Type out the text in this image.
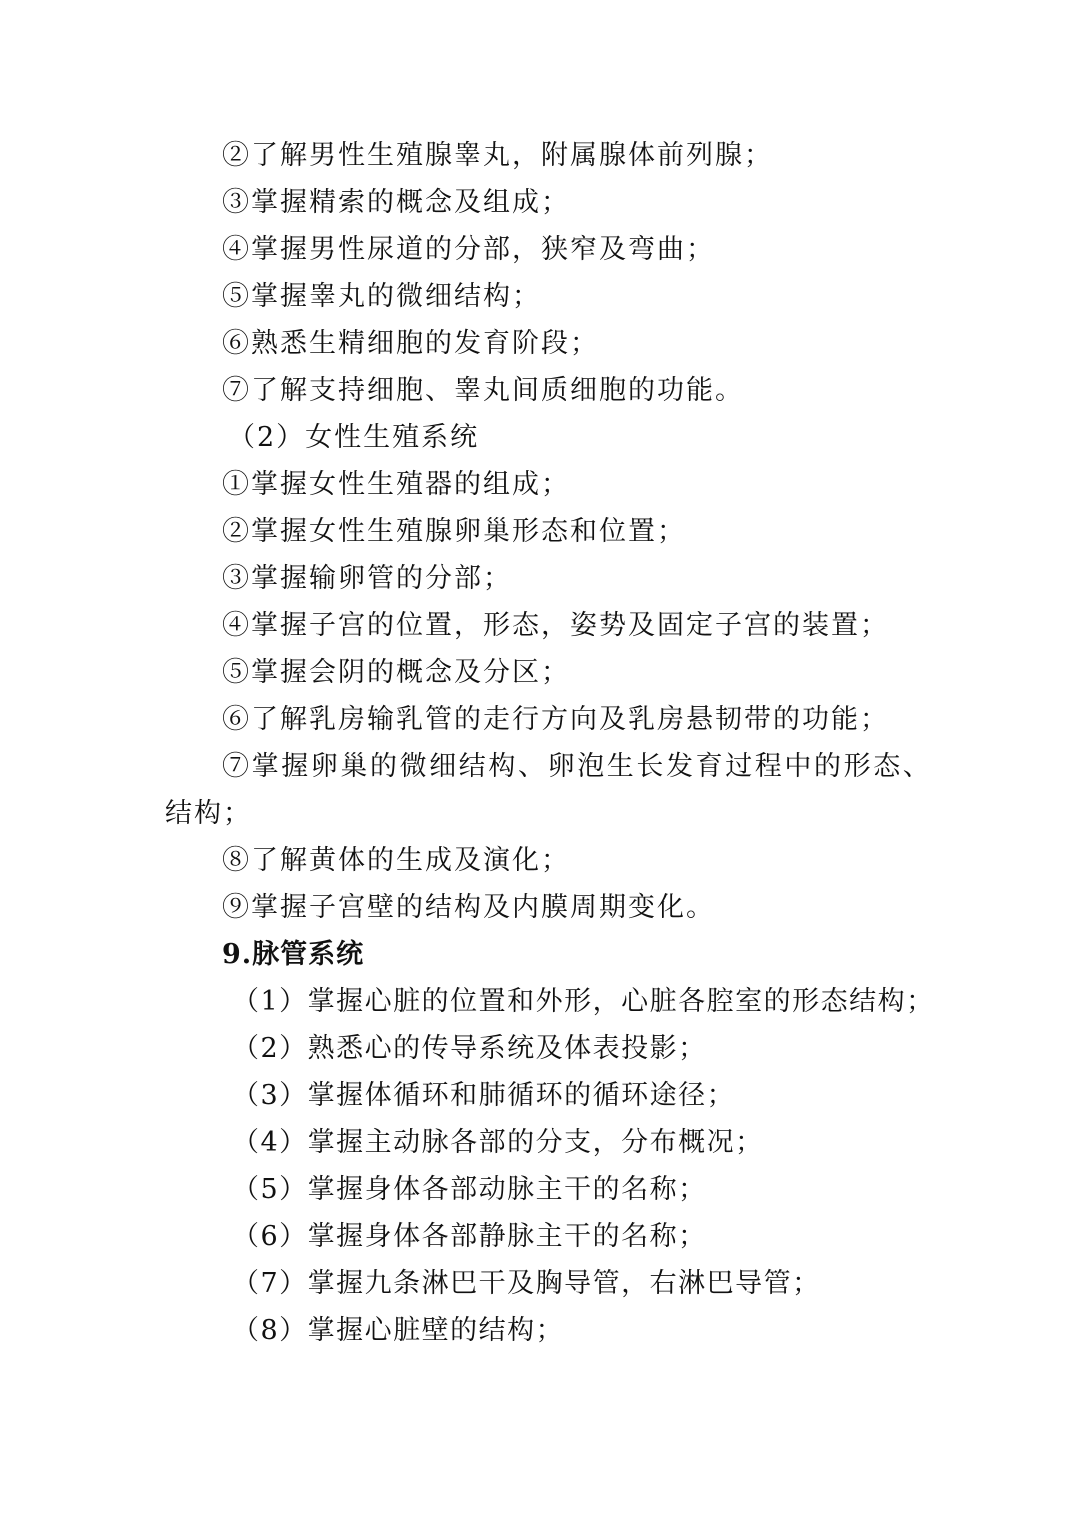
②了解男性生殖腺睾丸，附属腺体前列腺；
③掌握精索的概念及组成；
④掌握男性尿道的分部，狭窄及弯曲；
⑤掌握睾丸的微细结构；
⑥熟悉生精细胞的发育阶段；
⑦了解支持细胞、睾丸间质细胞的功能。
（2）女性生殖系统
①掌握女性生殖器的组成；
②掌握女性生殖腺卵巢形态和位置；
③掌握输卵管的分部；
④掌握子宫的位置，形态，姿势及固定子宫的装置；
⑤掌握会阴的概念及分区；
⑥了解乳房输乳管的走行方向及乳房悬韧带的功能；
⑦掌握卵巢的微细结构、卵泡生长发育过程中的形态、
结构；
⑧了解黄体的生成及演化；
⑨掌握子宫壁的结构及内膜周期变化。
9.脉管系统
（1）掌握心脏的位置和外形，心脏各腔室的形态结构；
（2）熟悉心的传导系统及体表投影；
（3）掌握体循环和肺循环的循环途径；
（4）掌握主动脉各部的分支，分布概况；
（5）掌握身体各部动脉主干的名称；
（6）掌握身体各部静脉主干的名称；
（7）掌握九条淋巴干及胸导管，右淋巴导管；
（8）掌握心脏壁的结构；
